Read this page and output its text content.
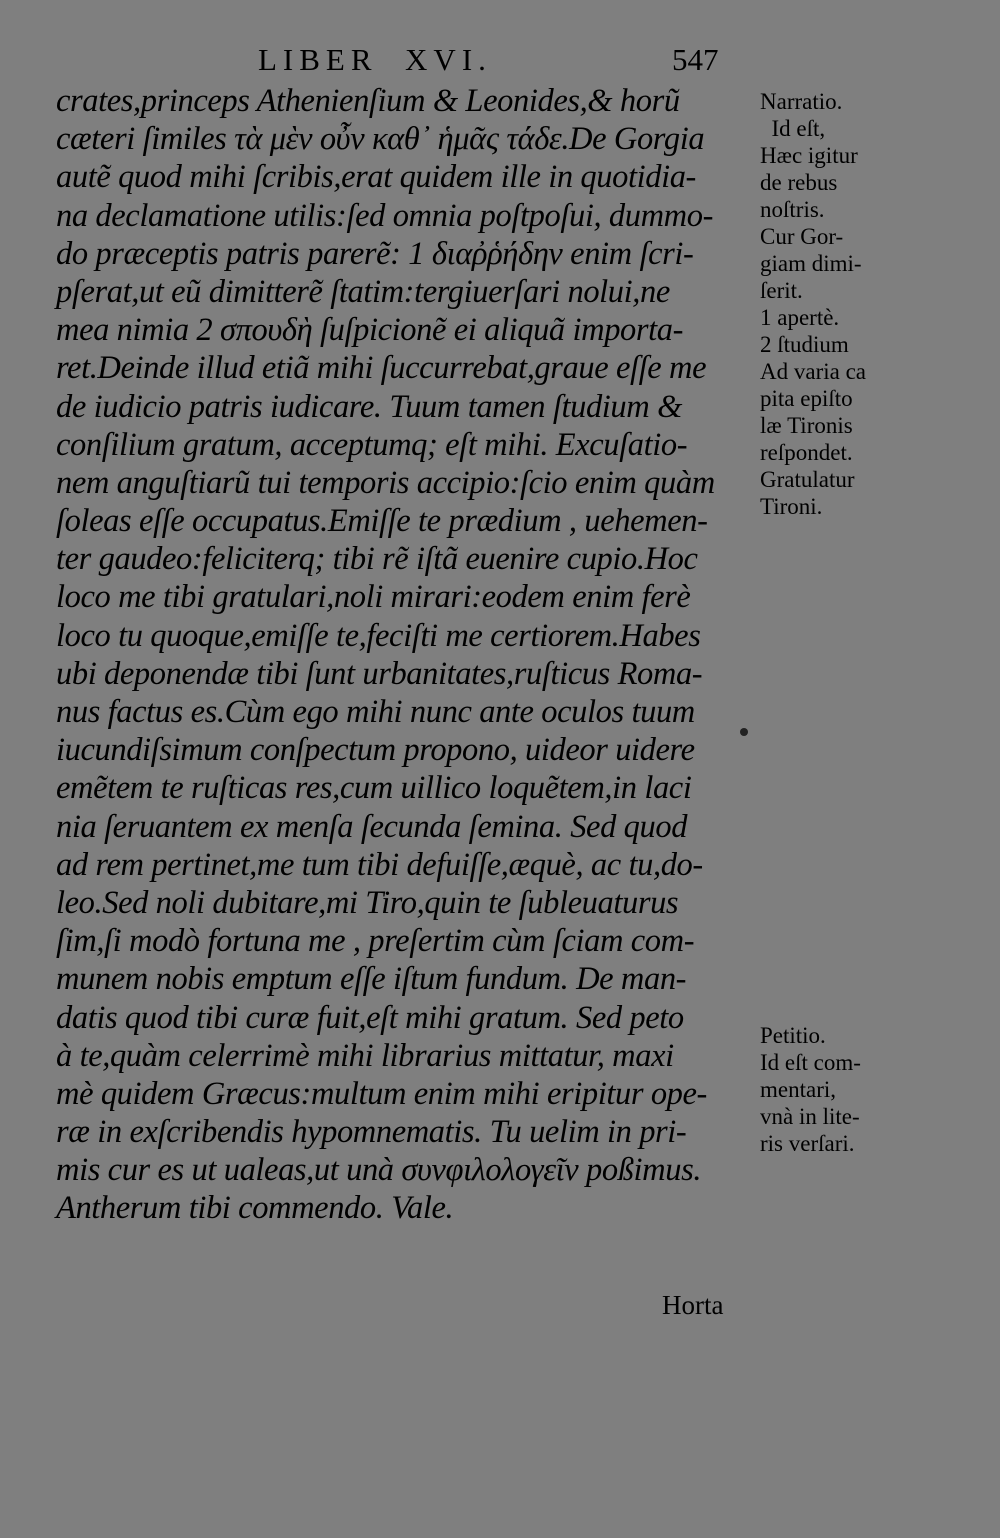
LIBER  XVI.	547
crates,princeps Athenienſium & Leonides,& horũ
cæteri ſimiles τὰ μὲν οὖν καθ᾽ ἡμᾶς τάδε.De Gorgia
autẽ quod mihi ſcribis,erat quidem ille in quotidia-
na declamatione utilis:ſed omnia poſtpoſui, dummo-
do præceptis patris parerẽ: 1 διαῤῥήδην enim ſcri-
pſerat,ut eũ dimitterẽ ſtatim:tergiuerſari nolui,ne
mea nimia 2 σπουδὴ ſuſpicionẽ ei aliquã importa-
ret.Deinde illud etiã mihi ſuccurrebat,graue eſſe me
de iudicio patris iudicare. Tuum tamen ſtudium &
conſilium gratum, acceptumq; eſt mihi. Excuſatio-
nem anguſtiarũ tui temporis accipio:ſcio enim quàm
ſoleas eſſe occupatus.Emiſſe te prædium , uehemen-
ter gaudeo:feliciterq; tibi rẽ iſtã euenire cupio.Hoc
loco me tibi gratulari,noli mirari:eodem enim ferè
loco tu quoque,emiſſe te,feciſti me certiorem.Habes
ubi deponendæ tibi ſunt urbanitates,ruſticus Roma-
nus factus es.Cùm ego mihi nunc ante oculos tuum
iucundiſsimum conſpectum propono, uideor uidere
emẽtem te ruſticas res,cum uillico loquẽtem,in laci
nia ſeruantem ex menſa ſecunda ſemina. Sed quod
ad rem pertinet,me tum tibi defuiſſe,æquè, ac tu,do-
leo.Sed noli dubitare,mi Tiro,quin te ſubleuaturus
ſim,ſi modò fortuna me , preſertim cùm ſciam com-
munem nobis emptum eſſe iſtum fundum. De man-
datis quod tibi curæ fuit,eſt mihi gratum. Sed peto
à te,quàm celerrimè mihi librarius mittatur, maxi
mè quidem Græcus:multum enim mihi eripitur ope-
ræ in exſcribendis hypomnematis. Tu uelim in pri-
mis cur es ut ualeas,ut unà συνφιλολογεῖν poßimus.
Antherum tibi commendo. Vale.
Narratio.
Id eſt,
Hæc igitur
de rebus
noſtris.
Cur Gor-
giam dimi-
ſerit.
1 apertè.
2 ſtudium
Ad varia ca
pita epiſto
læ Tironis
reſpondet.
Gratulatur
Tironi.
Petitio.
Id eſt com-
mentari,
vnà in lite-
ris verſari.
Horta
